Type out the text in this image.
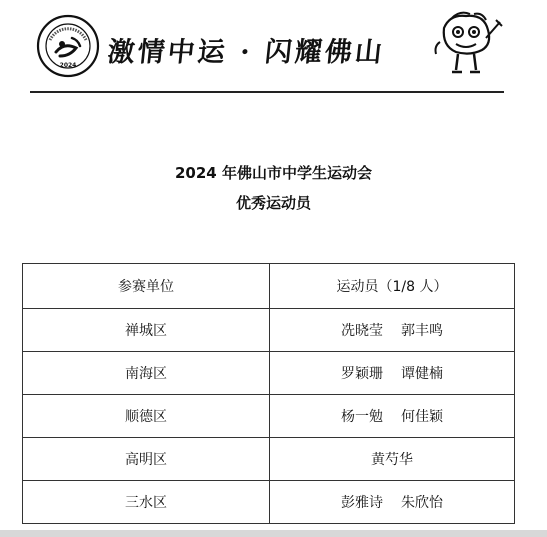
2024 激情中运 · 闪耀佛山
2024 年佛山市中学生运动会
优秀运动员
参赛单位	运动员（1/8 人）
禅城区	冼晓莹 郭丰鸣
南海区	罗颖珊 谭健楠
顺德区	杨一勉 何佳颖
高明区	黄芍华
三水区	彭雅诗 朱欣怡
